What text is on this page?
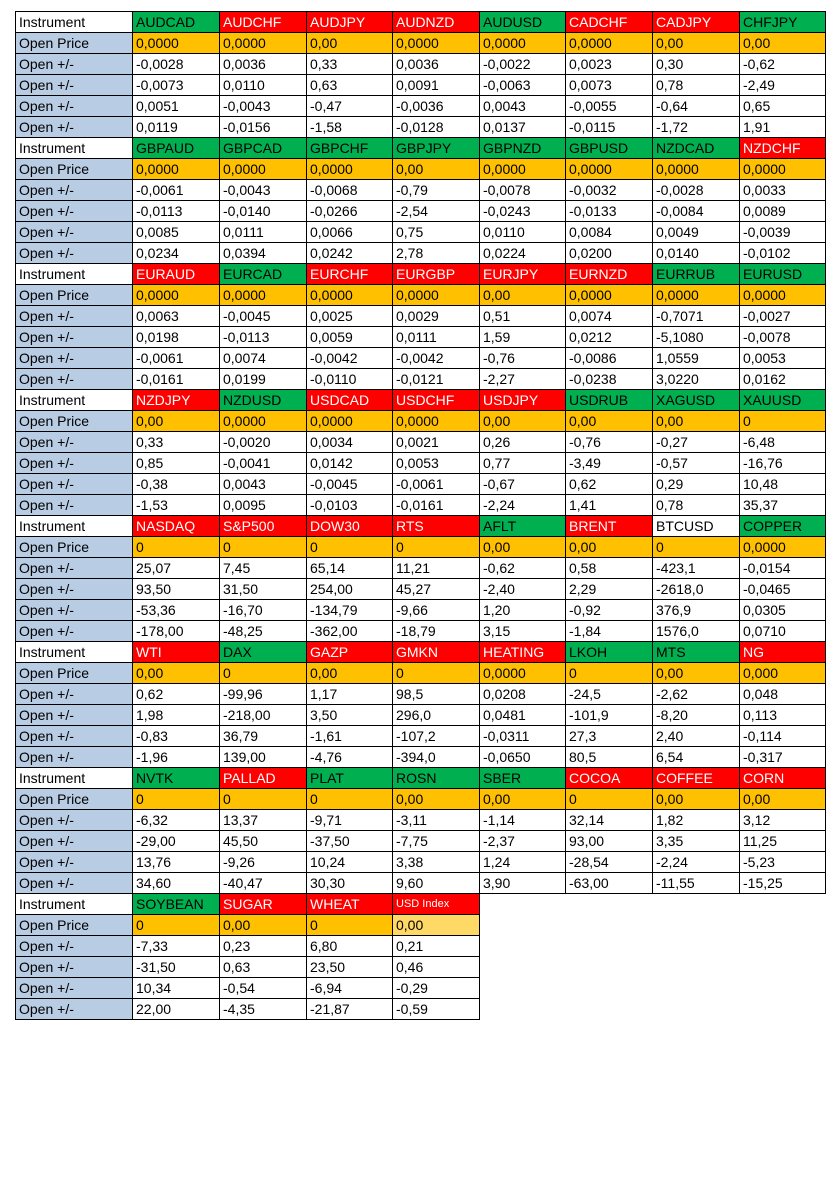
Instrument	AUDCAD	AUDCHF	AUDJPY	AUDNZD	AUDUSD	CADCHF	CADJPY	CHFJPY
Open Price	0,0000	0,0000	0,00	0,0000	0,0000	0,0000	0,00	0,00
Open +/-	-0,0028	0,0036	0,33	0,0036	-0,0022	0,0023	0,30	-0,62
Open +/-	-0,0073	0,0110	0,63	0,0091	-0,0063	0,0073	0,78	-2,49
Open +/-	0,0051	-0,0043	-0,47	-0,0036	0,0043	-0,0055	-0,64	0,65
Open +/-	0,0119	-0,0156	-1,58	-0,0128	0,0137	-0,0115	-1,72	1,91
Instrument	GBPAUD	GBPCAD	GBPCHF	GBPJPY	GBPNZD	GBPUSD	NZDCAD	NZDCHF
Open Price	0,0000	0,0000	0,0000	0,00	0,0000	0,0000	0,0000	0,0000
Open +/-	-0,0061	-0,0043	-0,0068	-0,79	-0,0078	-0,0032	-0,0028	0,0033
Open +/-	-0,0113	-0,0140	-0,0266	-2,54	-0,0243	-0,0133	-0,0084	0,0089
Open +/-	0,0085	0,0111	0,0066	0,75	0,0110	0,0084	0,0049	-0,0039
Open +/-	0,0234	0,0394	0,0242	2,78	0,0224	0,0200	0,0140	-0,0102
Instrument	EURAUD	EURCAD	EURCHF	EURGBP	EURJPY	EURNZD	EURRUB	EURUSD
Open Price	0,0000	0,0000	0,0000	0,0000	0,00	0,0000	0,0000	0,0000
Open +/-	0,0063	-0,0045	0,0025	0,0029	0,51	0,0074	-0,7071	-0,0027
Open +/-	0,0198	-0,0113	0,0059	0,0111	1,59	0,0212	-5,1080	-0,0078
Open +/-	-0,0061	0,0074	-0,0042	-0,0042	-0,76	-0,0086	1,0559	0,0053
Open +/-	-0,0161	0,0199	-0,0110	-0,0121	-2,27	-0,0238	3,0220	0,0162
Instrument	NZDJPY	NZDUSD	USDCAD	USDCHF	USDJPY	USDRUB	XAGUSD	XAUUSD
Open Price	0,00	0,0000	0,0000	0,0000	0,00	0,00	0,00	0
Open +/-	0,33	-0,0020	0,0034	0,0021	0,26	-0,76	-0,27	-6,48
Open +/-	0,85	-0,0041	0,0142	0,0053	0,77	-3,49	-0,57	-16,76
Open +/-	-0,38	0,0043	-0,0045	-0,0061	-0,67	0,62	0,29	10,48
Open +/-	-1,53	0,0095	-0,0103	-0,0161	-2,24	1,41	0,78	35,37
Instrument	NASDAQ	S&P500	DOW30	RTS	AFLT	BRENT	BTCUSD	COPPER
Open Price	0	0	0	0	0,00	0,00	0	0,0000
Open +/-	25,07	7,45	65,14	11,21	-0,62	0,58	-423,1	-0,0154
Open +/-	93,50	31,50	254,00	45,27	-2,40	2,29	-2618,0	-0,0465
Open +/-	-53,36	-16,70	-134,79	-9,66	1,20	-0,92	376,9	0,0305
Open +/-	-178,00	-48,25	-362,00	-18,79	3,15	-1,84	1576,0	0,0710
Instrument	WTI	DAX	GAZP	GMKN	HEATING	LKOH	MTS	NG
Open Price	0,00	0	0,00	0	0,0000	0	0,00	0,000
Open +/-	0,62	-99,96	1,17	98,5	0,0208	-24,5	-2,62	0,048
Open +/-	1,98	-218,00	3,50	296,0	0,0481	-101,9	-8,20	0,113
Open +/-	-0,83	36,79	-1,61	-107,2	-0,0311	27,3	2,40	-0,114
Open +/-	-1,96	139,00	-4,76	-394,0	-0,0650	80,5	6,54	-0,317
Instrument	NVTK	PALLAD	PLAT	ROSN	SBER	COCOA	COFFEE	CORN
Open Price	0	0	0	0,00	0,00	0	0,00	0,00
Open +/-	-6,32	13,37	-9,71	-3,11	-1,14	32,14	1,82	3,12
Open +/-	-29,00	45,50	-37,50	-7,75	-2,37	93,00	3,35	11,25
Open +/-	13,76	-9,26	10,24	3,38	1,24	-28,54	-2,24	-5,23
Open +/-	34,60	-40,47	30,30	9,60	3,90	-63,00	-11,55	-15,25
Instrument	SOYBEAN	SUGAR	WHEAT	USD Index				
Open Price	0	0,00	0	0,00				
Open +/-	-7,33	0,23	6,80	0,21				
Open +/-	-31,50	0,63	23,50	0,46				
Open +/-	10,34	-0,54	-6,94	-0,29				
Open +/-	22,00	-4,35	-21,87	-0,59				
